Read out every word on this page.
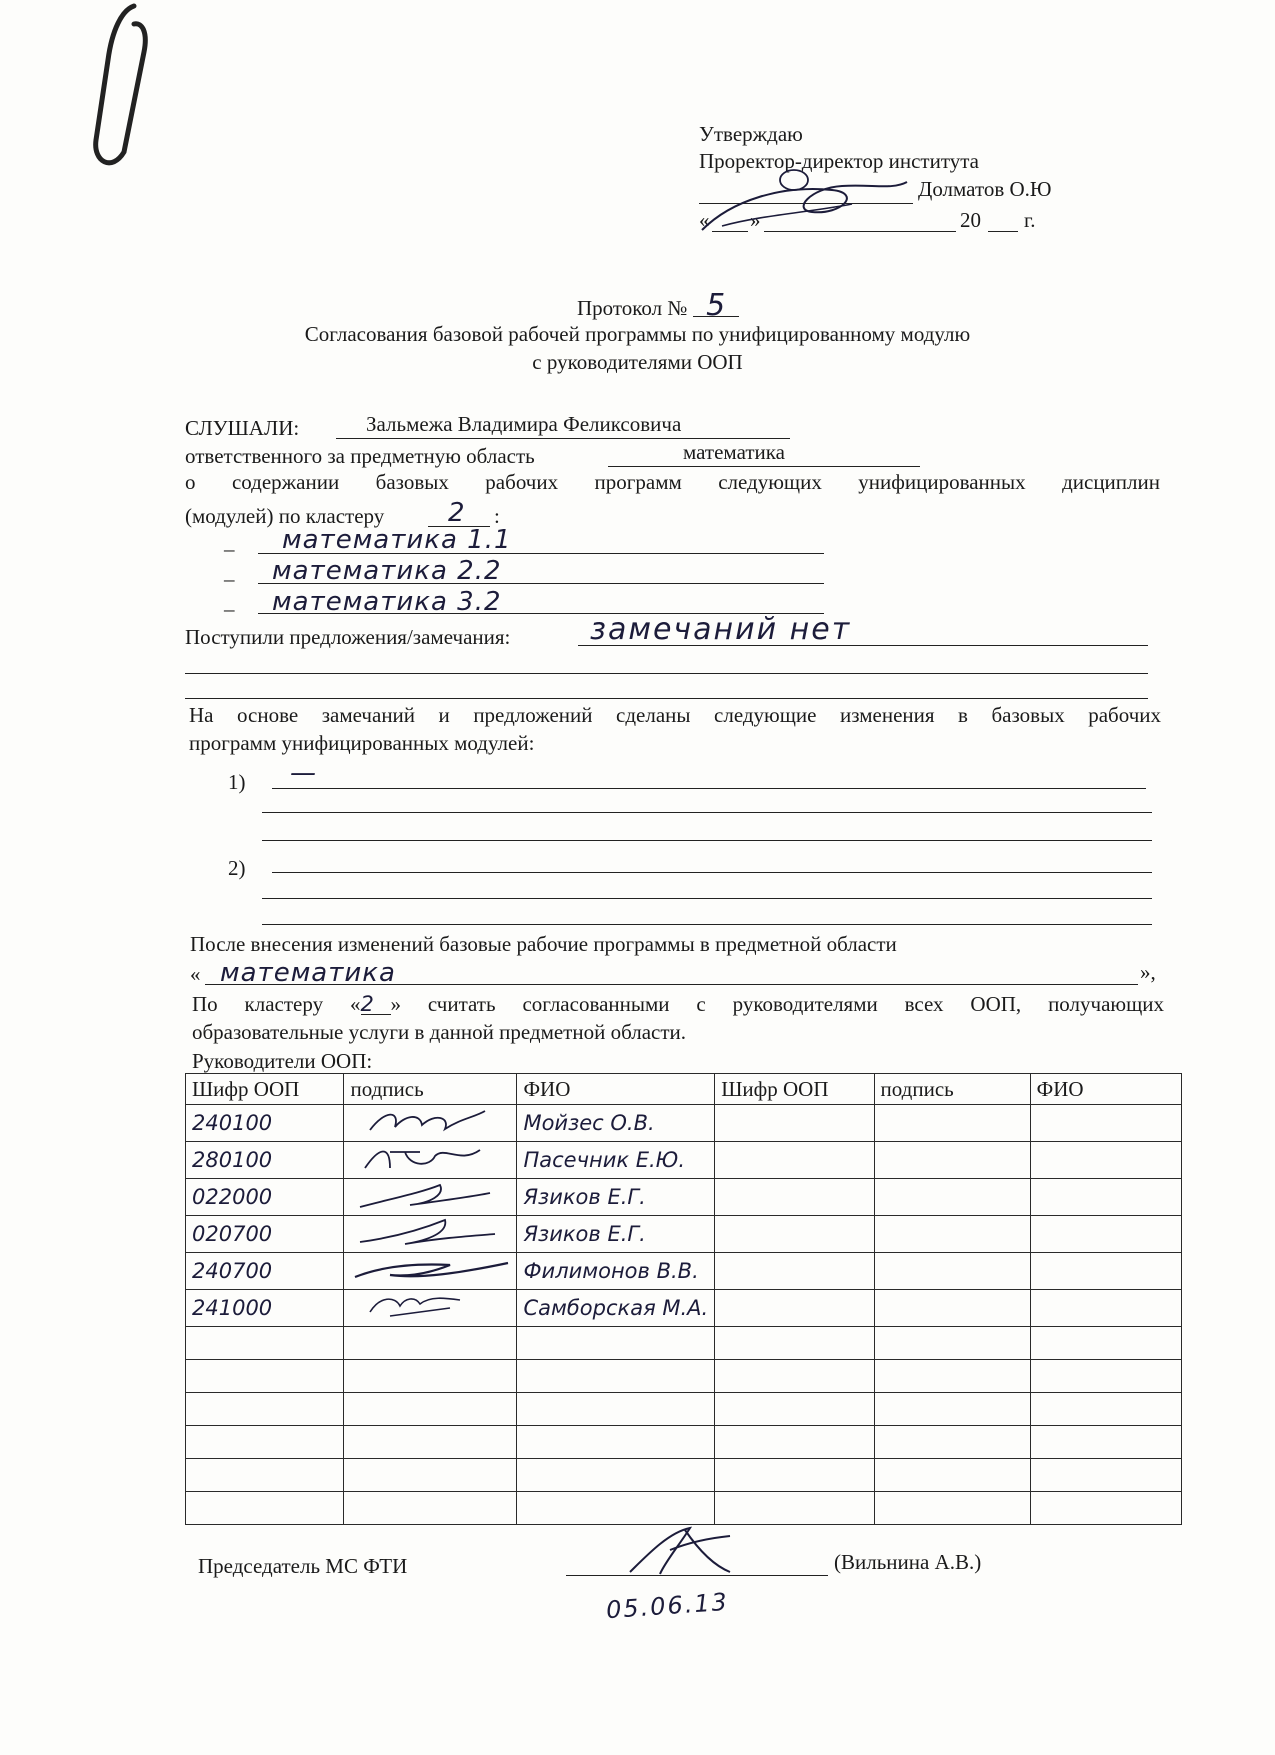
Утверждаю
Проректор-директор института
Долматов О.Ю
« »	20 г.
Протокол № 5
Согласования базовой рабочей программы по унифицированному модулю
с руководителями ООП
СЛУШАЛИ:	Зальмежа Владимира Феликсовича
ответственного за предметную область	математика
о содержании базовых рабочих программ следующих унифицированных дисциплин
(модулей) по кластеру 2 :
– математика 1.1
– математика 2.2
– математика 3.2
Поступили предложения/замечания:	замечаний нет
На основе замечаний и предложений сделаны следующие изменения в базовых рабочих
программ унифицированных модулей:
1) —
2)
После внесения изменений базовые рабочие программы в предметной области
« математика	»,
По кластеру «2 » считать согласованными с руководителями всех ООП, получающих
образовательные услуги в данной предметной области.
Руководители ООП:
Шифр ООП	подпись	ФИО	Шифр ООП	подпись	ФИО
240100		Мойзес О.В.			
280100		Пасечник Е.Ю.			
022000		Язиков Е.Г.			
020700		Язиков Е.Г.			
240700		Филимонов В.В.			
241000		Самборская М.А.			

Председатель МС ФТИ	(Вильнина А.В.)
05.06.13
